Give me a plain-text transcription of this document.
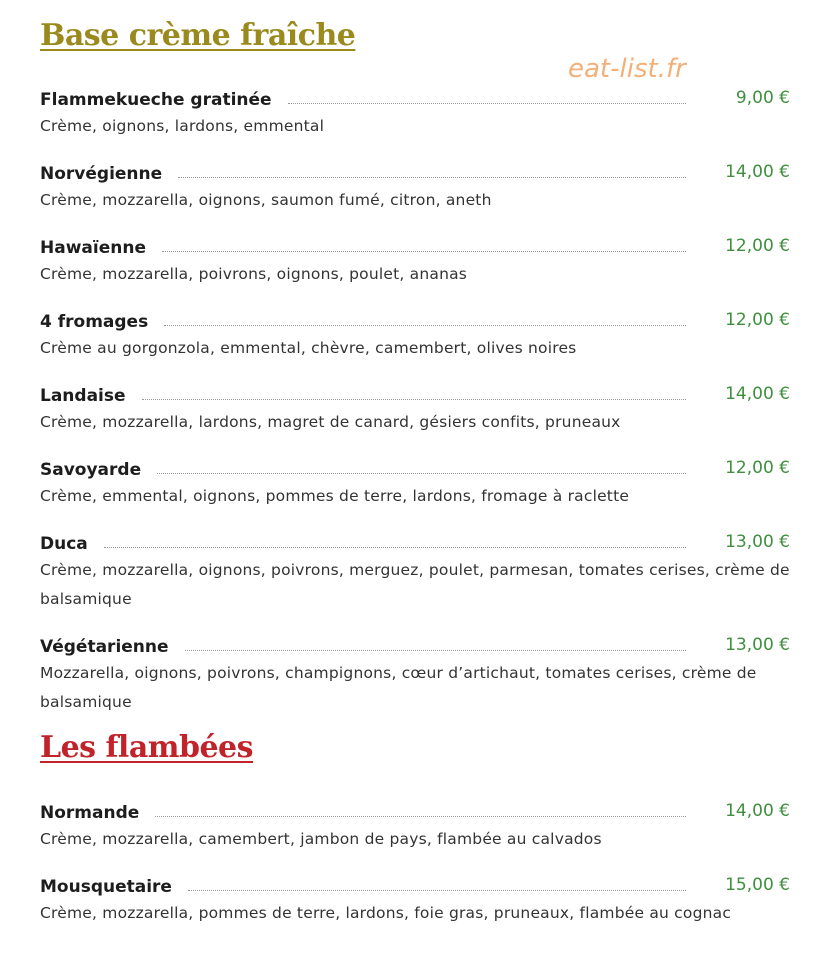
Base crème fraîche
eat-list.fr
Flammekueche gratinée	9,00 €
Crème, oignons, lardons, emmental
Norvégienne	14,00 €
Crème, mozzarella, oignons, saumon fumé, citron, aneth
Hawaïenne	12,00 €
Crème, mozzarella, poivrons, oignons, poulet, ananas
4 fromages	12,00 €
Crème au gorgonzola, emmental, chèvre, camembert, olives noires
Landaise	14,00 €
Crème, mozzarella, lardons, magret de canard, gésiers confits, pruneaux
Savoyarde	12,00 €
Crème, emmental, oignons, pommes de terre, lardons, fromage à raclette
Duca	13,00 €
Crème, mozzarella, oignons, poivrons, merguez, poulet, parmesan, tomates cerises, crème de balsamique
Végétarienne	13,00 €
Mozzarella, oignons, poivrons, champignons, cœur d’artichaut, tomates cerises, crème de balsamique
Les flambées
Normande	14,00 €
Crème, mozzarella, camembert, jambon de pays, flambée au calvados
Mousquetaire	15,00 €
Crème, mozzarella, pommes de terre, lardons, foie gras, pruneaux, flambée au cognac
